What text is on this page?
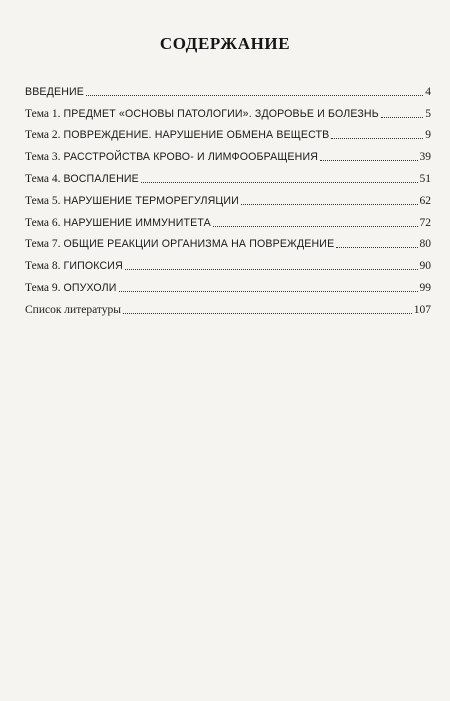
СОДЕРЖАНИЕ
ВВЕДЕНИЕ	4
Тема 1. ПРЕДМЕТ «ОСНОВЫ ПАТОЛОГИИ». ЗДОРОВЬЕ И БОЛЕЗНЬ	5
Тема 2. ПОВРЕЖДЕНИЕ. НАРУШЕНИЕ ОБМЕНА ВЕЩЕСТВ	9
Тема 3. РАССТРОЙСТВА КРОВО- И ЛИМФООБРАЩЕНИЯ	39
Тема 4. ВОСПАЛЕНИЕ	51
Тема 5. НАРУШЕНИЕ ТЕРМОРЕГУЛЯЦИИ	62
Тема 6. НАРУШЕНИЕ ИММУНИТЕТА	72
Тема 7. ОБЩИЕ РЕАКЦИИ ОРГАНИЗМА НА ПОВРЕЖДЕНИЕ	80
Тема 8. ГИПОКСИЯ	90
Тема 9. ОПУХОЛИ	99
Список литературы	107
